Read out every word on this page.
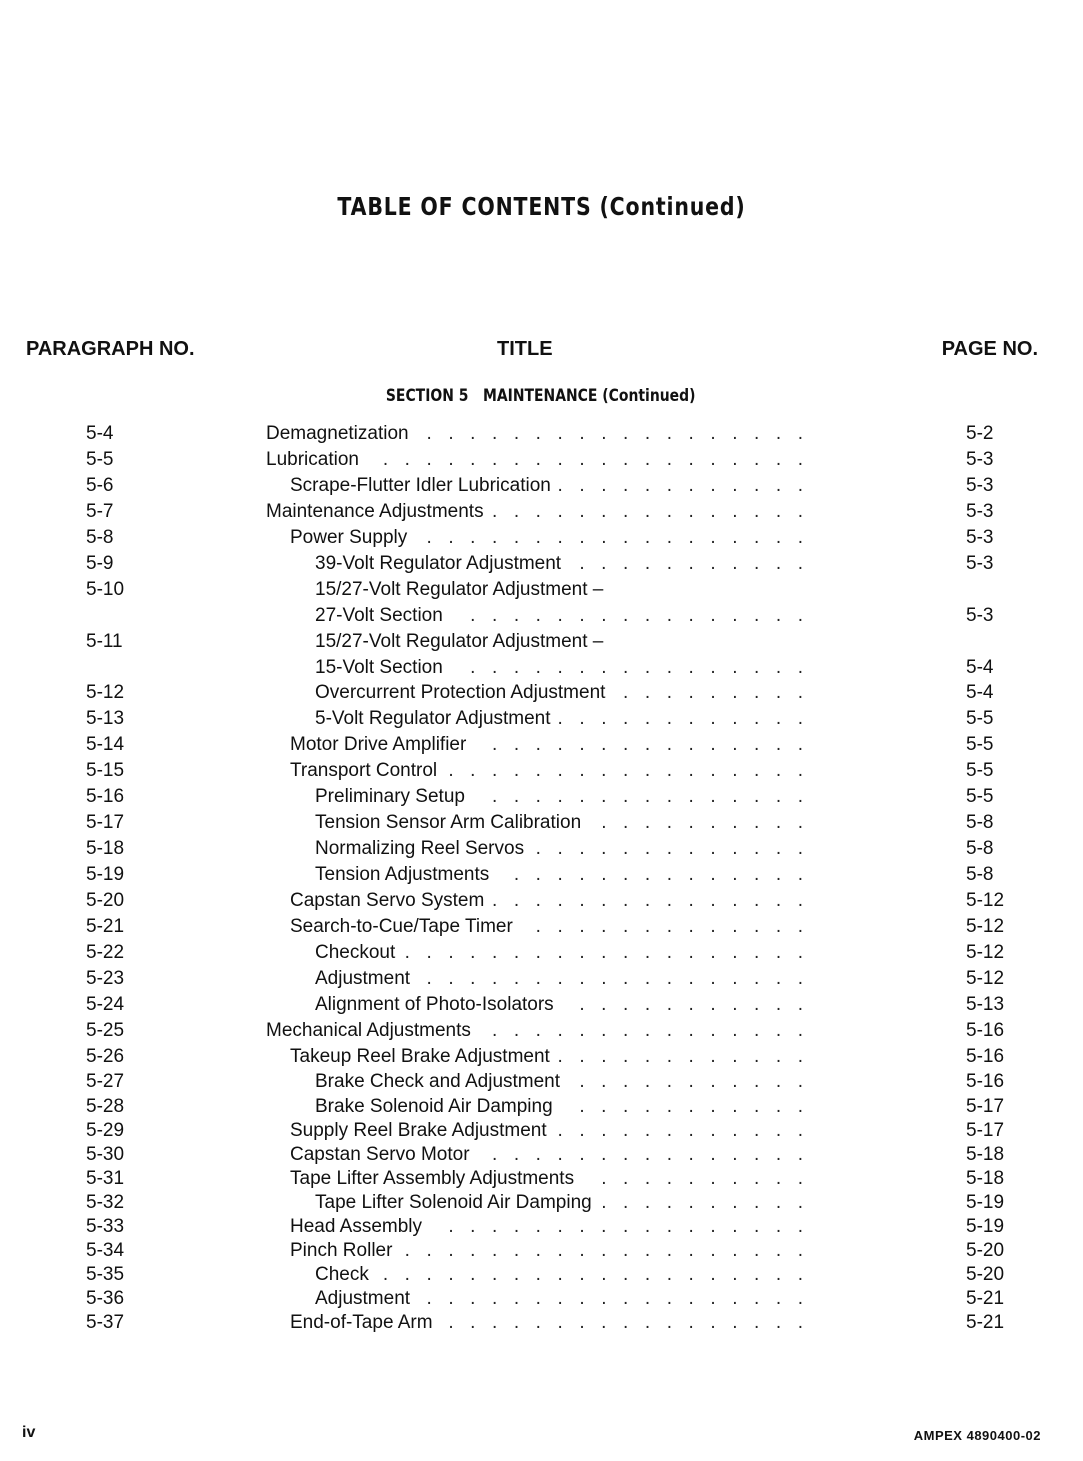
TABLE OF CONTENTS (Continued)
PARAGRAPH NO.	TITLE	PAGE NO.
SECTION 5   MAINTENANCE (Continued)
5-4	Demagnetization .  .  .  .  .  .  .  .  .  .  .  .  .  .  .  .  .  .	5-2
5-5	Lubrication .  .  .  .  .  .  .  .  .  .  .  .  .  .  .  .  .  .  .  .	5-3
5-6	Scrape-Flutter Idler Lubrication .  .  .  .  .  .  .  .  .  .  .  .	5-3
5-7	Maintenance Adjustments .  .  .  .  .  .  .  .  .  .  .  .  .  .  .	5-3
5-8	Power Supply .  .  .  .  .  .  .  .  .  .  .  .  .  .  .  .  .  .	5-3
5-9	39-Volt Regulator Adjustment .  .  .  .  .  .  .  .  .  .  .	5-3
5-10	15/27-Volt Regulator Adjustment –
27-Volt Section .  .  .  .  .  .  .  .  .  .  .  .  .  .  .  .	5-3
5-11	15/27-Volt Regulator Adjustment –
15-Volt Section .  .  .  .  .  .  .  .  .  .  .  .  .  .  .  .	5-4
5-12	Overcurrent Protection Adjustment .  .  .  .  .  .  .  .  .	5-4
5-13	5-Volt Regulator Adjustment .  .  .  .  .  .  .  .  .  .  .  .	5-5
5-14	Motor Drive Amplifier .  .  .  .  .  .  .  .  .  .  .  .  .  .  .	5-5
5-15	Transport Control .  .  .  .  .  .  .  .  .  .  .  .  .  .  .  .  .	5-5
5-16	Preliminary Setup .  .  .  .  .  .  .  .  .  .  .  .  .  .  .	5-5
5-17	Tension Sensor Arm Calibration .  .  .  .  .  .  .  .  .  .	5-8
5-18	Normalizing Reel Servos .  .  .  .  .  .  .  .  .  .  .  .  .	5-8
5-19	Tension Adjustments .  .  .  .  .  .  .  .  .  .  .  .  .  .	5-8
5-20	Capstan Servo System .  .  .  .  .  .  .  .  .  .  .  .  .  .  .	5-12
5-21	Search-to-Cue/Tape Timer .  .  .  .  .  .  .  .  .  .  .  .  .	5-12
5-22	Checkout .  .  .  .  .  .  .  .  .  .  .  .  .  .  .  .  .  .  .	5-12
5-23	Adjustment .  .  .  .  .  .  .  .  .  .  .  .  .  .  .  .  .  .	5-12
5-24	Alignment of Photo-Isolators .  .  .  .  .  .  .  .  .  .  .	5-13
5-25	Mechanical Adjustments .  .  .  .  .  .  .  .  .  .  .  .  .  .  .	5-16
5-26	Takeup Reel Brake Adjustment .  .  .  .  .  .  .  .  .  .  .  .	5-16
5-27	Brake Check and Adjustment .  .  .  .  .  .  .  .  .  .  .	5-16
5-28	Brake Solenoid Air Damping .  .  .  .  .  .  .  .  .  .  .	5-17
5-29	Supply Reel Brake Adjustment .  .  .  .  .  .  .  .  .  .  .  .	5-17
5-30	Capstan Servo Motor .  .  .  .  .  .  .  .  .  .  .  .  .  .  .	5-18
5-31	Tape Lifter Assembly Adjustments .  .  .  .  .  .  .  .  .  .	5-18
5-32	Tape Lifter Solenoid Air Damping .  .  .  .  .  .  .  .  .  .	5-19
5-33	Head Assembly .  .  .  .  .  .  .  .  .  .  .  .  .  .  .  .  .	5-19
5-34	Pinch Roller .  .  .  .  .  .  .  .  .  .  .  .  .  .  .  .  .  .  .	5-20
5-35	Check .  .  .  .  .  .  .  .  .  .  .  .  .  .  .  .  .  .  .  .	5-20
5-36	Adjustment .  .  .  .  .  .  .  .  .  .  .  .  .  .  .  .  .  .	5-21
5-37	End-of-Tape Arm .  .  .  .  .  .  .  .  .  .  .  .  .  .  .  .  .	5-21
iv	AMPEX 4890400-02
